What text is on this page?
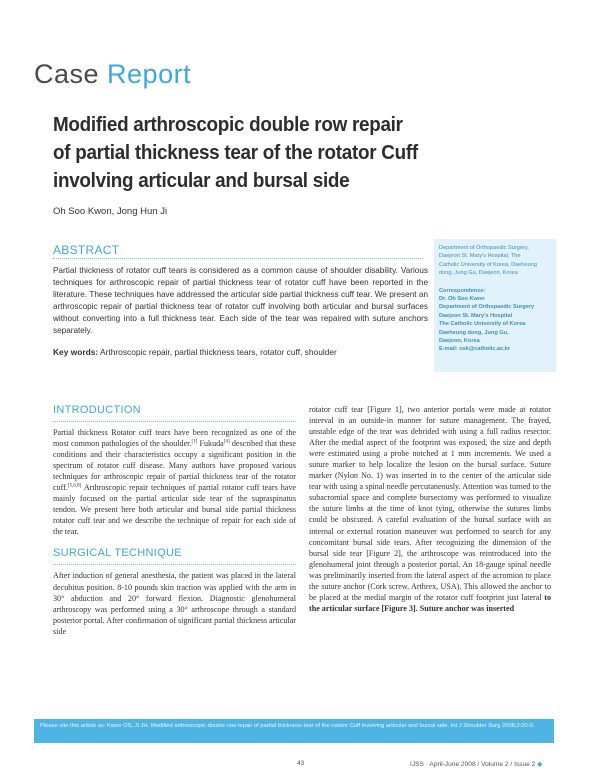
Case Report
Modified arthroscopic double row repair
of partial thickness tear of the rotator Cuff
involving articular and bursal side
Oh Soo Kwon, Jong Hun Ji
ABSTRACT
Partial thickness of rotator cuff tears is considered as a common cause of shoulder disability. Various techniques for arthroscopic repair of partial thickness tear of rotator cuff have been reported in the literature. These techniques have addressed the articular side partial thickness cuff tear. We present an arthroscopic repair of partial thickness tear of rotator cuff involving both articular and bursal surfaces without converting into a full thickness tear. Each side of the tear was repaired with suture anchors separately.
Key words: Arthroscopic repair, partial thickness tears, rotator cuff, shoulder
Department of Orthopaedic Surgery,
Daejeon St. Mary's Hospital, The
Catholic University of Korea, Daeheung
dong, Jung Gu, Daejeon, Korea
Correspondence:
Dr. Oh Soo Kwon
Department of Orthopaedic Surgery
Daejeon St. Mary's Hospital
The Catholic University of Korea
Daeheung dong, Jung Gu,
Daejeon, Korea
E-mail: osk@catholic.ac.kr
INTRODUCTION
Partial thickness Rotator cuff tears have been recognized as one of the most common pathologies of the shoulder.[1] Fukuda[4] described that these conditions and their characteristics occupy a significant position in the spectrum of rotator cuff disease. Many authors have proposed various techniques for arthroscopic repair of partial thickness tear of the rotator cuff.[5,6,8] Arthroscopic repair techniques of partial rotator cuff tears have mainly focused on the partial articular side tear of the supraspinatus tendon. We present here both articular and bursal side partial thickness rotator cuff tear and we describe the technique of repair for each side of the tear.
SURGICAL TECHNIQUE
After induction of general anesthesia, the patient was placed in the lateral decubitus position. 8-10 pounds skin traction was applied with the arm in 30° abduction and 20° forward flexion. Diagnostic glenohumeral arthroscopy was performed using a 30° arthroscope through a standard posterior portal. After confirmation of significant partial thickness articular side
rotator cuff tear [Figure 1], two anterior portals were made at rotator interval in an outside-in manner for suture management. The frayed, unstable edge of the tear was debrided with using a full radius resector. After the medial aspect of the footprint was exposed, the size and depth were estimated using a probe notched at 1 mm increments. We used a suture marker to help localize the lesion on the bursal surface. Suture marker (Nylon No. 1) was inserted in to the center of the articular side tear with using a spinal needle percutaneously. Attention was turned to the subacromial space and complete bursectomy was performed to visualize the suture limbs at the time of knot tying, otherwise the sutures limbs could be obscured. A careful evaluation of the bursal surface with an internal or external rotation maneuver was performed to search for any concomitant bursal side tears. After recognizing the dimension of the bursal side tear [Figure 2], the arthroscope was reintroduced into the glenohumeral joint through a posterior portal. An 18-gauge spinal needle was preliminarily inserted from the lateral aspect of the acromion to place the suture anchor (Cork screw, Arthrex, USA). This allowed the anchor to be placed at the medial margin of the rotator cuff footprint just lateral to the articular surface [Figure 3]. Suture anchor was inserted
Please cite this article as: Kwon OS, Ji JH. Modified arthroscopic double row repair of partial thickness tear of the rotator Cuff involving articular and bursal side. Int J Shoulder Surg 2008;2:20-0.
43	IJSS · April-June 2008 / Volume 2 / Issue 2 ◆
